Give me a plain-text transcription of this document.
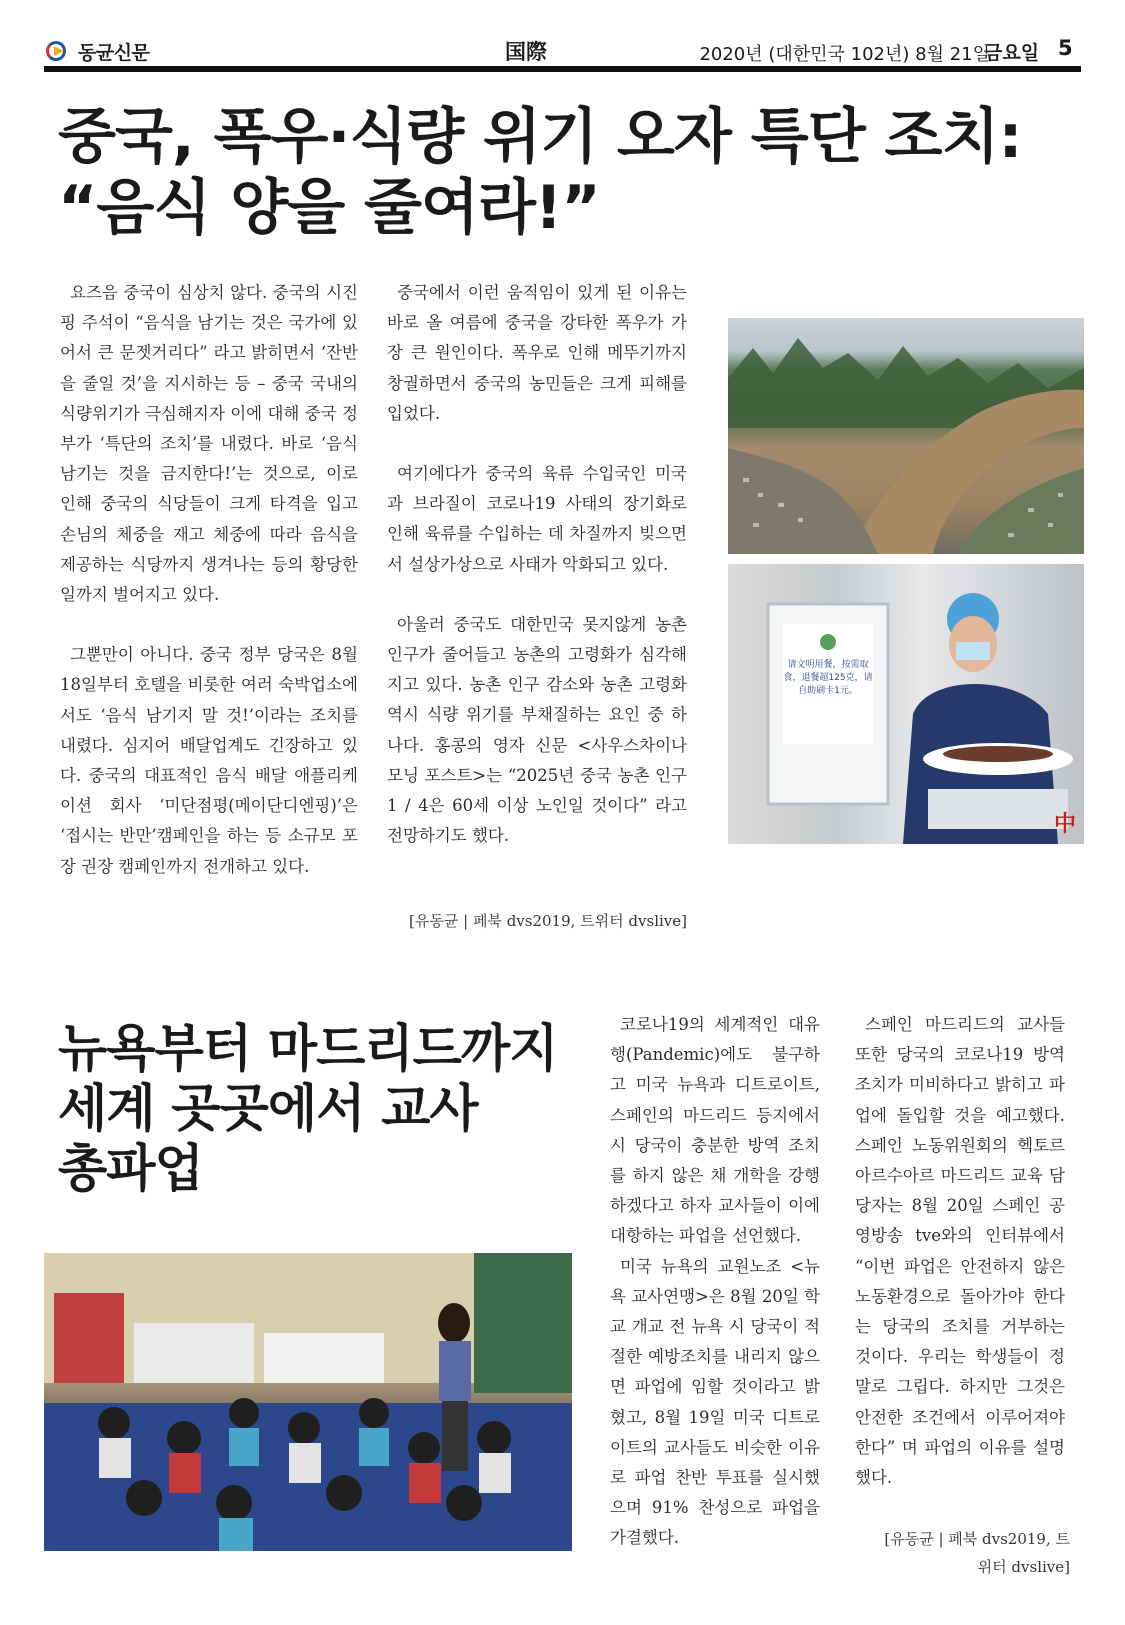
동균신문	国際	2020년 (대한민국 102년) 8월 21일
금요일 5
중국, 폭우·식량 위기 오자 특단 조치:
“음식 양을 줄여라!”

요즈음 중국이 심상치 않다. 중국의 시진핑 주석이 “음식을 남기는 것은 국가에 있어서 큰 문젯거리다” 라고 밝히면서 ‘잔반을 줄일 것’을 지시하는 등 – 중국 국내의 식량위기가 극심해지자 이에 대해 중국 정부가 ‘특단의 조치’를 내렸다. 바로 ‘음식 남기는 것을 금지한다!’는 것으로, 이로 인해 중국의 식당들이 크게 타격을 입고 손님의 체중을 재고 체중에 따라 음식을 제공하는 식당까지 생겨나는 등의 황당한 일까지 벌어지고 있다.

그뿐만이 아니다. 중국 정부 당국은 8월 18일부터 호텔을 비롯한 여러 숙박업소에서도 ‘음식 남기지 말 것!’이라는 조치를 내렸다. 심지어 배달업계도 긴장하고 있다. 중국의 대표적인 음식 배달 애플리케이션 회사 ‘미단점평(메이단디엔핑)’은 ‘접시는 반만’캠페인을 하는 등 소규모 포장 권장 캠페인까지 전개하고 있다.

중국에서 이런 움직임이 있게 된 이유는 바로 올 여름에 중국을 강타한 폭우가 가장 큰 원인이다. 폭우로 인해 메뚜기까지 창궐하면서 중국의 농민들은 크게 피해를 입었다.

여기에다가 중국의 육류 수입국인 미국과 브라질이 코로나19 사태의 장기화로 인해 육류를 수입하는 데 차질까지 빚으면서 설상가상으로 사태가 악화되고 있다.

아울러 중국도 대한민국 못지않게 농촌 인구가 줄어들고 농촌의 고령화가 심각해지고 있다. 농촌 인구 감소와 농촌 고령화 역시 식량 위기를 부채질하는 요인 중 하나다. 홍콩의 영자 신문 <사우스차이나 모닝 포스트>는 “2025년 중국 농촌 인구 1 / 4은 60세 이상 노인일 것이다” 라고 전망하기도 했다.

[유동균 | 페북 dvs2019, 트위터 dvslive]
请文明用餐，按需取食，退餐超125克，请自助刷卡1元。
中
뉴욕부터 마드리드까지
세계 곳곳에서 교사
총파업

코로나19의 세계적인 대유행(Pandemic)에도 불구하고 미국 뉴욕과 디트로이트, 스페인의 마드리드 등지에서 시 당국이 충분한 방역 조치를 하지 않은 채 개학을 강행하겠다고 하자 교사들이 이에 대항하는 파업을 선언했다.

미국 뉴욕의 교원노조 <뉴욕 교사연맹>은 8월 20일 학교 개교 전 뉴욕 시 당국이 적절한 예방조치를 내리지 않으면 파업에 임할 것이라고 밝혔고, 8월 19일 미국 디트로이트의 교사들도 비슷한 이유로 파업 찬반 투표를 실시했으며 91% 찬성으로 파업을 가결했다.

스페인 마드리드의 교사들 또한 당국의 코로나19 방역 조치가 미비하다고 밝히고 파업에 돌입할 것을 예고했다. 스페인 노동위원회의 헥토르 아르수아르 마드리드 교육 담당자는 8월 20일 스페인 공영방송 tve와의 인터뷰에서 “이번 파업은 안전하지 않은 노동환경으로 돌아가야 한다는 당국의 조치를 거부하는 것이다. 우리는 학생들이 정말로 그립다. 하지만 그것은 안전한 조건에서 이루어져야 한다” 며 파업의 이유를 설명했다.

[유동균 | 페북 dvs2019, 트위터 dvslive]
